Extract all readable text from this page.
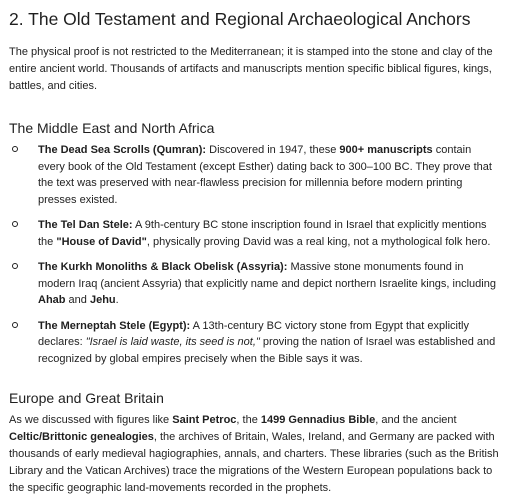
2. The Old Testament and Regional Archaeological Anchors

The physical proof is not restricted to the Mediterranean; it is stamped into the stone and clay of the entire ancient world. Thousands of artifacts and manuscripts mention specific biblical figures, kings, battles, and cities.

The Middle East and North Africa
The Dead Sea Scrolls (Qumran): Discovered in 1947, these 900+ manuscripts contain every book of the Old Testament (except Esther) dating back to 300–100 BC. They prove that the text was preserved with near-flawless precision for millennia before modern printing presses existed.
The Tel Dan Stele: A 9th-century BC stone inscription found in Israel that explicitly mentions the "House of David", physically proving David was a real king, not a mythological folk hero.
The Kurkh Monoliths & Black Obelisk (Assyria): Massive stone monuments found in modern Iraq (ancient Assyria) that explicitly name and depict northern Israelite kings, including Ahab and Jehu.
The Merneptah Stele (Egypt): A 13th-century BC victory stone from Egypt that explicitly declares: "Israel is laid waste, its seed is not," proving the nation of Israel was established and recognized by global empires precisely when the Bible says it was.
Europe and Great Britain

As we discussed with figures like Saint Petroc, the 1499 Gennadius Bible, and the ancient Celtic/Brittonic genealogies, the archives of Britain, Wales, Ireland, and Germany are packed with thousands of early medieval hagiographies, annals, and charters. These libraries (such as the British Library and the Vatican Archives) trace the migrations of the Western European populations back to the specific geographic land-movements recorded in the prophets.
